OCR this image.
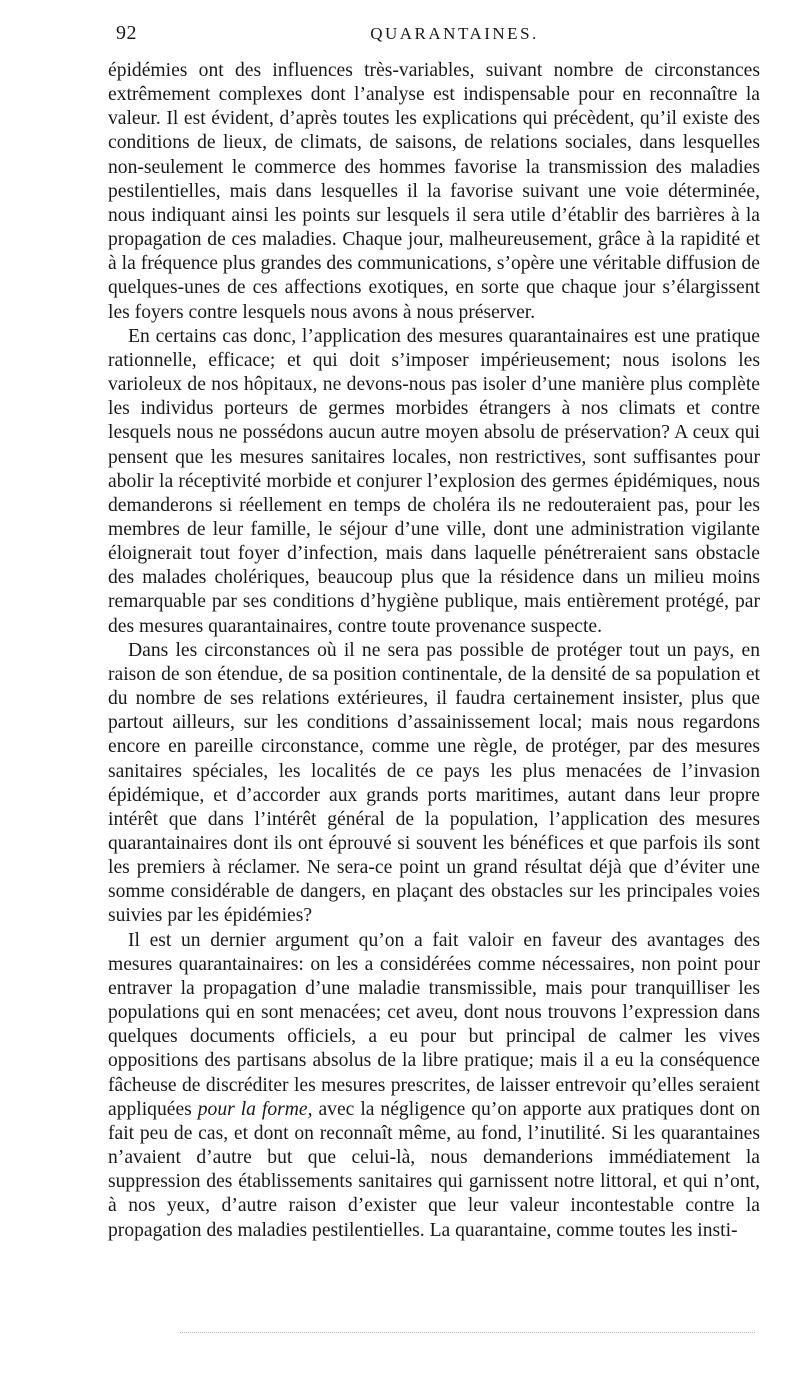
92	QUARANTAINES.

épidémies ont des influences très-variables, suivant nombre de circonstances extrêmement complexes dont l’analyse est indispensable pour en reconnaître la valeur. Il est évident, d’après toutes les explications qui précèdent, qu’il existe des conditions de lieux, de climats, de saisons, de relations sociales, dans lesquelles non-seulement le commerce des hommes favorise la transmission des maladies pestilentielles, mais dans lesquelles il la favorise suivant une voie déterminée, nous indiquant ainsi les points sur lesquels il sera utile d’établir des barrières à la propagation de ces maladies. Chaque jour, malheureusement, grâce à la rapidité et à la fréquence plus grandes des communications, s’opère une véritable diffusion de quelques-unes de ces affections exotiques, en sorte que chaque jour s’élargissent les foyers contre lesquels nous avons à nous préserver.

En certains cas donc, l’application des mesures quarantainaires est une pratique rationnelle, efficace; et qui doit s’imposer impérieusement; nous isolons les varioleux de nos hôpitaux, ne devons-nous pas isoler d’une manière plus complète les individus porteurs de germes morbides étrangers à nos climats et contre lesquels nous ne possédons aucun autre moyen absolu de préservation? A ceux qui pensent que les mesures sanitaires locales, non restrictives, sont suffisantes pour abolir la réceptivité morbide et conjurer l’explosion des germes épidémiques, nous demanderons si réellement en temps de choléra ils ne redouteraient pas, pour les membres de leur famille, le séjour d’une ville, dont une administration vigilante éloignerait tout foyer d’infection, mais dans laquelle pénétreraient sans obstacle des malades cholériques, beaucoup plus que la résidence dans un milieu moins remarquable par ses conditions d’hygiène publique, mais entièrement protégé, par des mesures quarantainaires, contre toute provenance suspecte.

Dans les circonstances où il ne sera pas possible de protéger tout un pays, en raison de son étendue, de sa position continentale, de la densité de sa population et du nombre de ses relations extérieures, il faudra certainement insister, plus que partout ailleurs, sur les conditions d’assainissement local; mais nous regardons encore en pareille circonstance, comme une règle, de protéger, par des mesures sanitaires spéciales, les localités de ce pays les plus menacées de l’invasion épidémique, et d’accorder aux grands ports maritimes, autant dans leur propre intérêt que dans l’intérêt général de la population, l’application des mesures quarantainaires dont ils ont éprouvé si souvent les bénéfices et que parfois ils sont les premiers à réclamer. Ne sera-ce point un grand résultat déjà que d’éviter une somme considérable de dangers, en plaçant des obstacles sur les principales voies suivies par les épidémies?

Il est un dernier argument qu’on a fait valoir en faveur des avantages des mesures quarantainaires: on les a considérées comme nécessaires, non point pour entraver la propagation d’une maladie transmissible, mais pour tranquilliser les populations qui en sont menacées; cet aveu, dont nous trouvons l’expression dans quelques documents officiels, a eu pour but principal de calmer les vives oppositions des partisans absolus de la libre pratique; mais il a eu la conséquence fâcheuse de discréditer les mesures prescrites, de laisser entrevoir qu’elles seraient appliquées pour la forme, avec la négligence qu’on apporte aux pratiques dont on fait peu de cas, et dont on reconnaît même, au fond, l’inutilité. Si les quarantaines n’avaient d’autre but que celui-là, nous demanderions immédiatement la suppression des établissements sanitaires qui garnissent notre littoral, et qui n’ont, à nos yeux, d’autre raison d’exister que leur valeur incontestable contre la propagation des maladies pestilentielles. La quarantaine, comme toutes les insti-
